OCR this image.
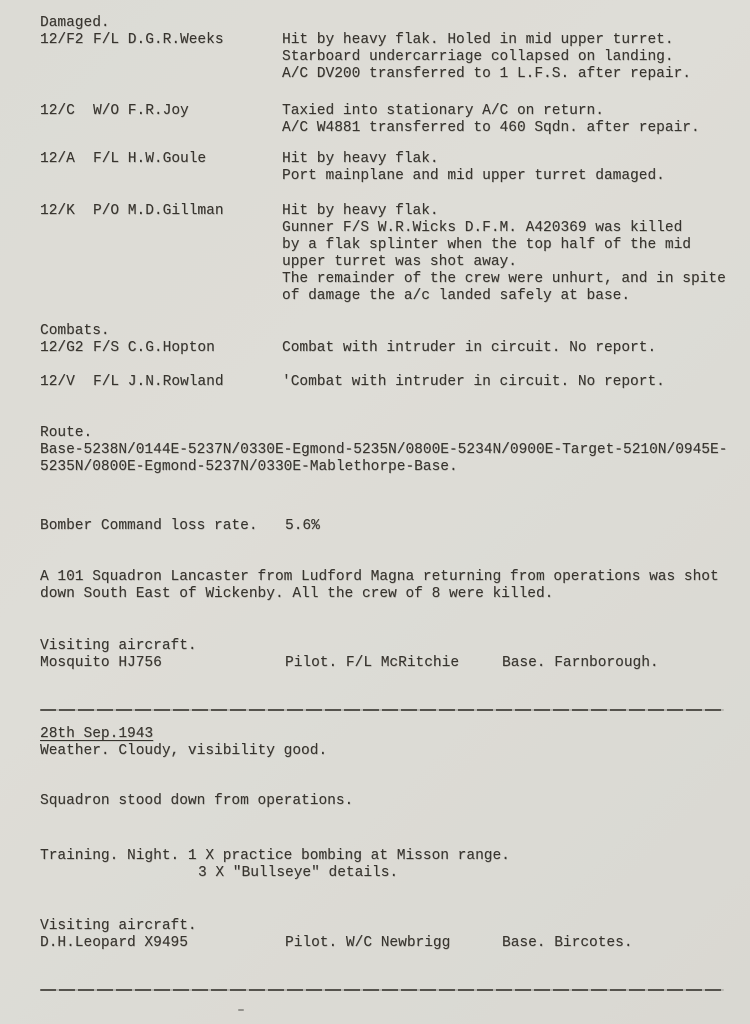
Damaged.
12/F2 F/L D.G.R.Weeks	Hit by heavy flak. Holed in mid upper turret.
Starboard undercarriage collapsed on landing.
A/C DV200 transferred to 1 L.F.S. after repair.
12/C	W/O F.R.Joy	Taxied into stationary A/C on return.
A/C W4881 transferred to 460 Sqdn. after repair.
12/A	F/L H.W.Goule	Hit by heavy flak.
Port mainplane and mid upper turret damaged.
12/K	P/O M.D.Gillman	Hit by heavy flak.
Gunner F/S W.R.Wicks D.F.M. A420369 was killed
by a flak splinter when the top half of the mid
upper turret was shot away.
The remainder of the crew were unhurt, and in spite
of damage the a/c landed safely at base.
Combats.
12/G2 F/S C.G.Hopton	Combat with intruder in circuit. No report.
12/V	F/L J.N.Rowland	'Combat with intruder in circuit. No report.
Route.
Base-5238N/0144E-5237N/0330E-Egmond-5235N/0800E-5234N/0900E-Target-5210N/0945E-
5235N/0800E-Egmond-5237N/0330E-Mablethorpe-Base.
Bomber Command loss rate.	5.6%
A 101 Squadron Lancaster from Ludford Magna returning from operations was shot
down South East of Wickenby. All the crew of 8 were killed.
Visiting aircraft.
Mosquito HJ756	Pilot. F/L McRitchie	Base. Farnborough.
28th Sep.1943
Weather. Cloudy, visibility good.
Squadron stood down from operations.
Training. Night. 1 X practice bombing at Misson range.
3 X "Bullseye" details.
Visiting aircraft.
D.H.Leopard X9495	Pilot. W/C Newbrigg	Base. Bircotes.
